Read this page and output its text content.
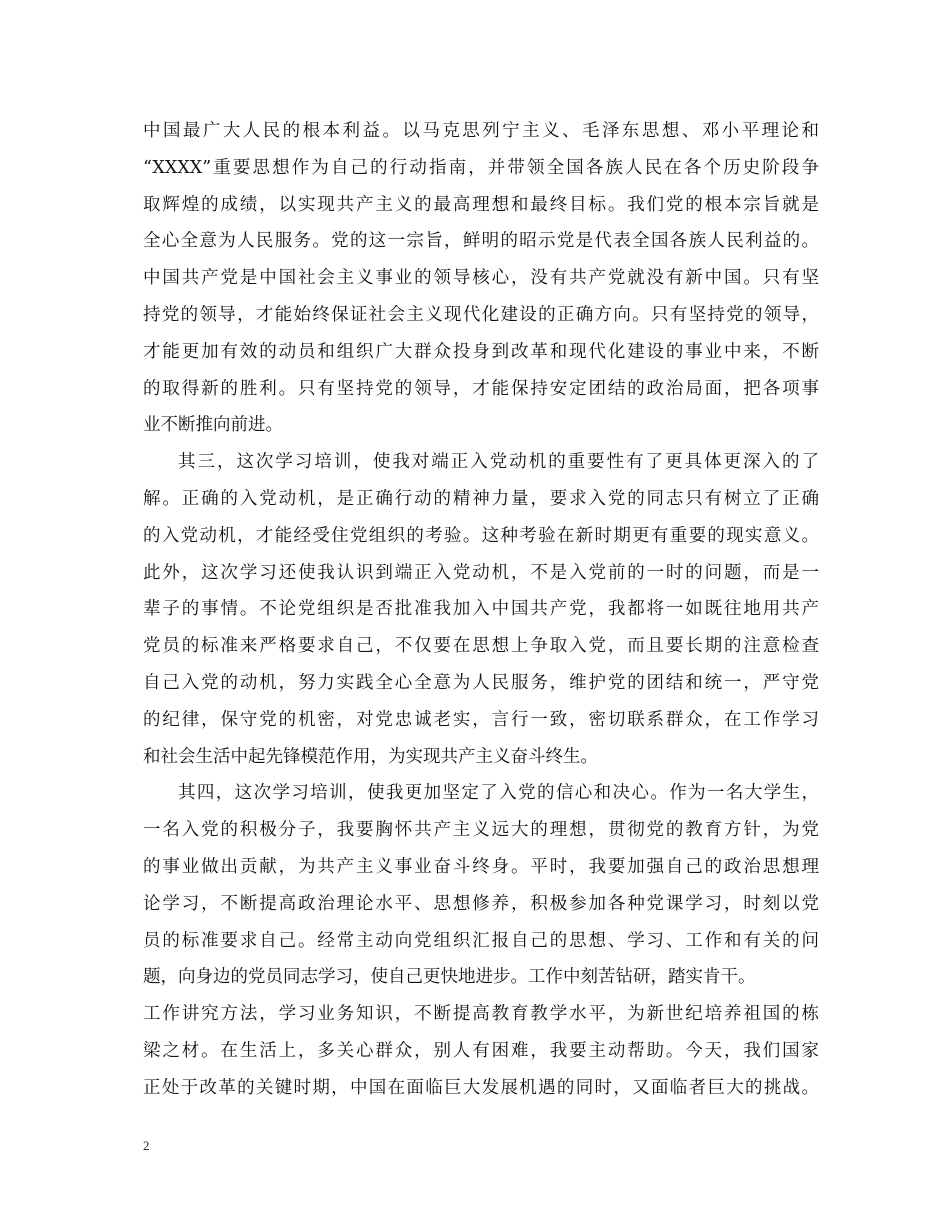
中国最广大人民的根本利益。以马克思列宁主义、毛泽东思想、邓小平理论和
“XXXX”重要思想作为自己的行动指南，并带领全国各族人民在各个历史阶段争
取辉煌的成绩，以实现共产主义的最高理想和最终目标。我们党的根本宗旨就是
全心全意为人民服务。党的这一宗旨，鲜明的昭示党是代表全国各族人民利益的。
中国共产党是中国社会主义事业的领导核心，没有共产党就没有新中国。只有坚
持党的领导，才能始终保证社会主义现代化建设的正确方向。只有坚持党的领导，
才能更加有效的动员和组织广大群众投身到改革和现代化建设的事业中来，不断
的取得新的胜利。只有坚持党的领导，才能保持安定团结的政治局面，把各项事
业不断推向前进。
其三，这次学习培训，使我对端正入党动机的重要性有了更具体更深入的了
解。正确的入党动机，是正确行动的精神力量，要求入党的同志只有树立了正确
的入党动机，才能经受住党组织的考验。这种考验在新时期更有重要的现实意义。
此外，这次学习还使我认识到端正入党动机，不是入党前的一时的问题，而是一
辈子的事情。不论党组织是否批准我加入中国共产党，我都将一如既往地用共产
党员的标准来严格要求自己，不仅要在思想上争取入党，而且要长期的注意检查
自己入党的动机，努力实践全心全意为人民服务，维护党的团结和统一，严守党
的纪律，保守党的机密，对党忠诚老实，言行一致，密切联系群众，在工作学习
和社会生活中起先锋模范作用，为实现共产主义奋斗终生。
其四，这次学习培训，使我更加坚定了入党的信心和决心。作为一名大学生，
一名入党的积极分子，我要胸怀共产主义远大的理想，贯彻党的教育方针，为党
的事业做出贡献，为共产主义事业奋斗终身。平时，我要加强自己的政治思想理
论学习，不断提高政治理论水平、思想修养，积极参加各种党课学习，时刻以党
员的标准要求自己。经常主动向党组织汇报自己的思想、学习、工作和有关的问
题，向身边的党员同志学习，使自己更快地进步。工作中刻苦钻研，踏实肯干。
工作讲究方法，学习业务知识，不断提高教育教学水平，为新世纪培养祖国的栋
梁之材。在生活上，多关心群众，别人有困难，我要主动帮助。今天，我们国家
正处于改革的关键时期，中国在面临巨大发展机遇的同时，又面临者巨大的挑战。
2
